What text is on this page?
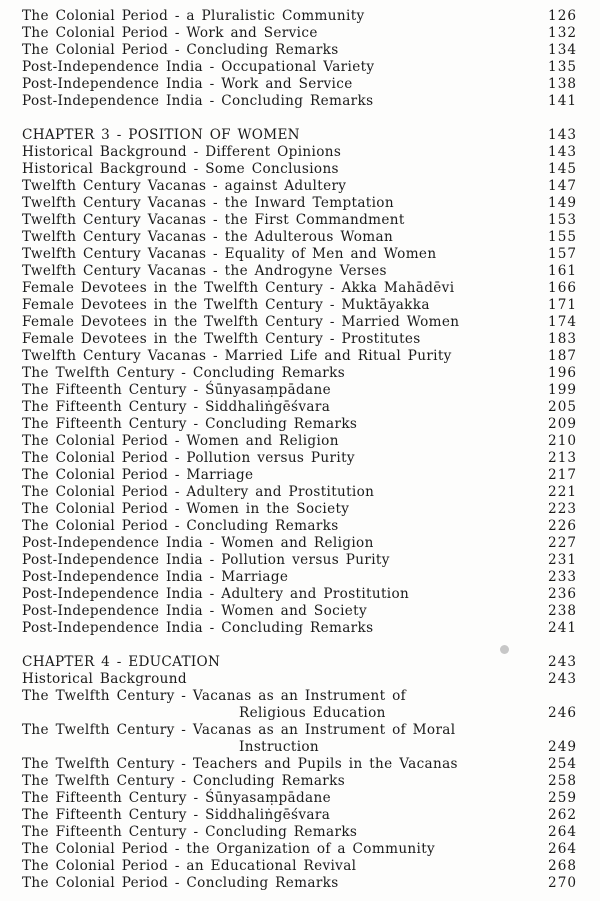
The Colonial Period - a Pluralistic Community	126
The Colonial Period - Work and Service	132
The Colonial Period - Concluding Remarks	134
Post-Independence India - Occupational Variety	135
Post-Independence India - Work and Service	138
Post-Independence India - Concluding Remarks	141
CHAPTER 3 - POSITION OF WOMEN	143
Historical Background - Different Opinions	143
Historical Background - Some Conclusions	145
Twelfth Century Vacanas - against Adultery	147
Twelfth Century Vacanas - the Inward Temptation	149
Twelfth Century Vacanas - the First Commandment	153
Twelfth Century Vacanas - the Adulterous Woman	155
Twelfth Century Vacanas - Equality of Men and Women	157
Twelfth Century Vacanas - the Androgyne Verses	161
Female Devotees in the Twelfth Century - Akka Mahādēvi	166
Female Devotees in the Twelfth Century - Muktāyakka	171
Female Devotees in the Twelfth Century - Married Women	174
Female Devotees in the Twelfth Century - Prostitutes	183
Twelfth Century Vacanas - Married Life and Ritual Purity	187
The Twelfth Century - Concluding Remarks	196
The Fifteenth Century - Śūnyasaṃpādane	199
The Fifteenth Century - Siddhaliṅgēśvara	205
The Fifteenth Century - Concluding Remarks	209
The Colonial Period - Women and Religion	210
The Colonial Period - Pollution versus Purity	213
The Colonial Period - Marriage	217
The Colonial Period - Adultery and Prostitution	221
The Colonial Period - Women in the Society	223
The Colonial Period - Concluding Remarks	226
Post-Independence India - Women and Religion	227
Post-Independence India - Pollution versus Purity	231
Post-Independence India - Marriage	233
Post-Independence India - Adultery and Prostitution	236
Post-Independence India - Women and Society	238
Post-Independence India - Concluding Remarks	241
CHAPTER 4 - EDUCATION	243
Historical Background	243
The Twelfth Century - Vacanas as an Instrument of
Religious Education	246
The Twelfth Century - Vacanas as an Instrument of Moral
Instruction	249
The Twelfth Century - Teachers and Pupils in the Vacanas	254
The Twelfth Century - Concluding Remarks	258
The Fifteenth Century - Śūnyasaṃpādane	259
The Fifteenth Century - Siddhaliṅgēśvara	262
The Fifteenth Century - Concluding Remarks	264
The Colonial Period - the Organization of a Community	264
The Colonial Period - an Educational Revival	268
The Colonial Period - Concluding Remarks	270
